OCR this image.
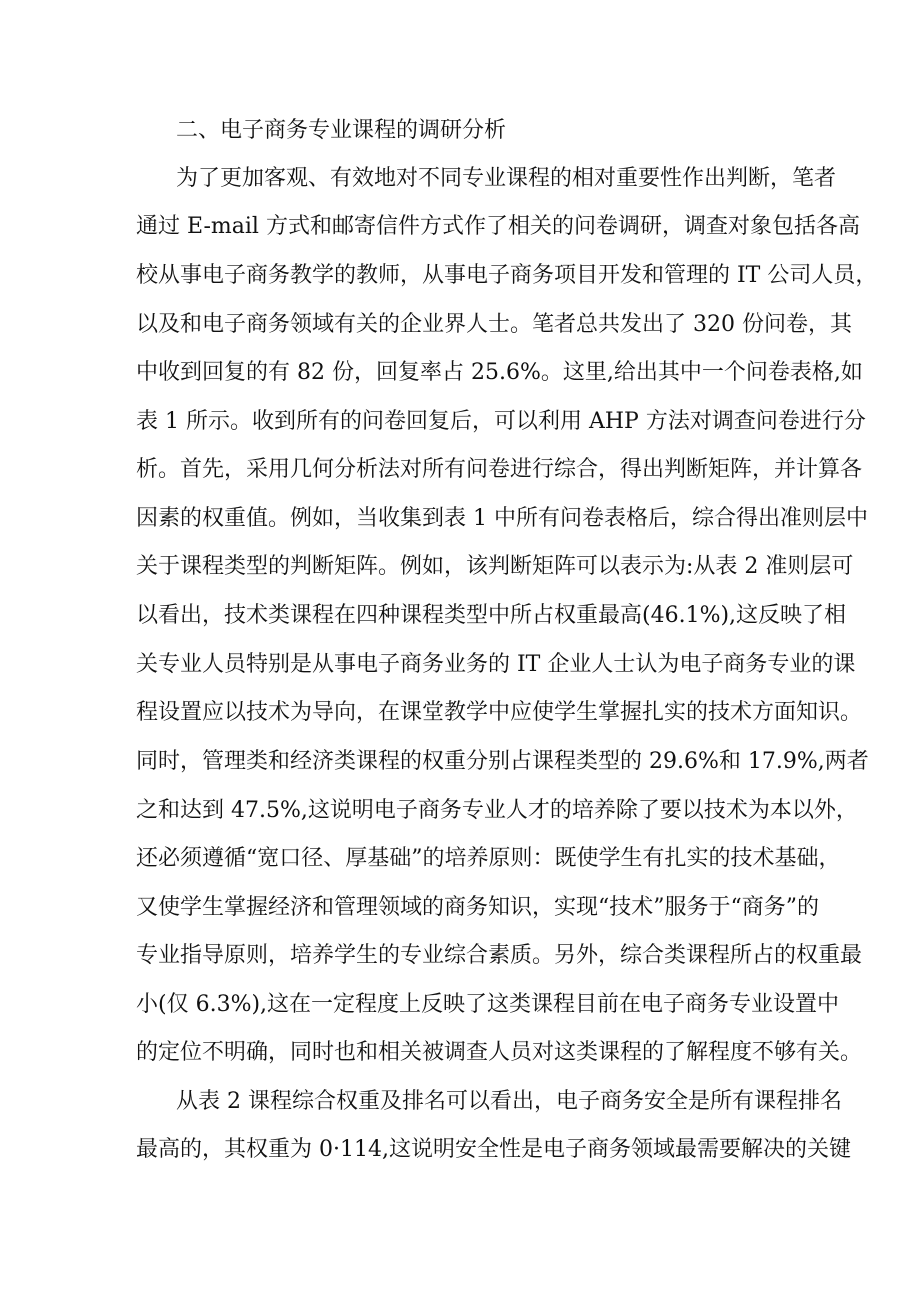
二、电子商务专业课程的调研分析
为了更加客观、有效地对不同专业课程的相对重要性作出判断，笔者
通过 E-mail 方式和邮寄信件方式作了相关的问卷调研，调查对象包括各高
校从事电子商务教学的教师，从事电子商务项目开发和管理的 IT 公司人员，
以及和电子商务领域有关的企业界人士。笔者总共发出了 320 份问卷，其
中收到回复的有 82 份，回复率占 25.6%。这里,给出其中一个问卷表格,如
表 1 所示。收到所有的问卷回复后，可以利用 AHP 方法对调查问卷进行分
析。首先，采用几何分析法对所有问卷进行综合，得出判断矩阵，并计算各
因素的权重值。例如，当收集到表 1 中所有问卷表格后，综合得出准则层中
关于课程类型的判断矩阵。例如，该判断矩阵可以表示为:从表 2 准则层可
以看出，技术类课程在四种课程类型中所占权重最高(46.1%),这反映了相
关专业人员特别是从事电子商务业务的 IT 企业人士认为电子商务专业的课
程设置应以技术为导向，在课堂教学中应使学生掌握扎实的技术方面知识。
同时，管理类和经济类课程的权重分别占课程类型的 29.6%和 17.9%,两者
之和达到 47.5%,这说明电子商务专业人才的培养除了要以技术为本以外，
还必须遵循“宽口径、厚基础”的培养原则：既使学生有扎实的技术基础，
又使学生掌握经济和管理领域的商务知识，实现“技术”服务于“商务”的
专业指导原则，培养学生的专业综合素质。另外，综合类课程所占的权重最
小(仅 6.3%),这在一定程度上反映了这类课程目前在电子商务专业设置中
的定位不明确，同时也和相关被调查人员对这类课程的了解程度不够有关。
从表 2 课程综合权重及排名可以看出，电子商务安全是所有课程排名
最高的，其权重为 0·114,这说明安全性是电子商务领域最需要解决的关键
